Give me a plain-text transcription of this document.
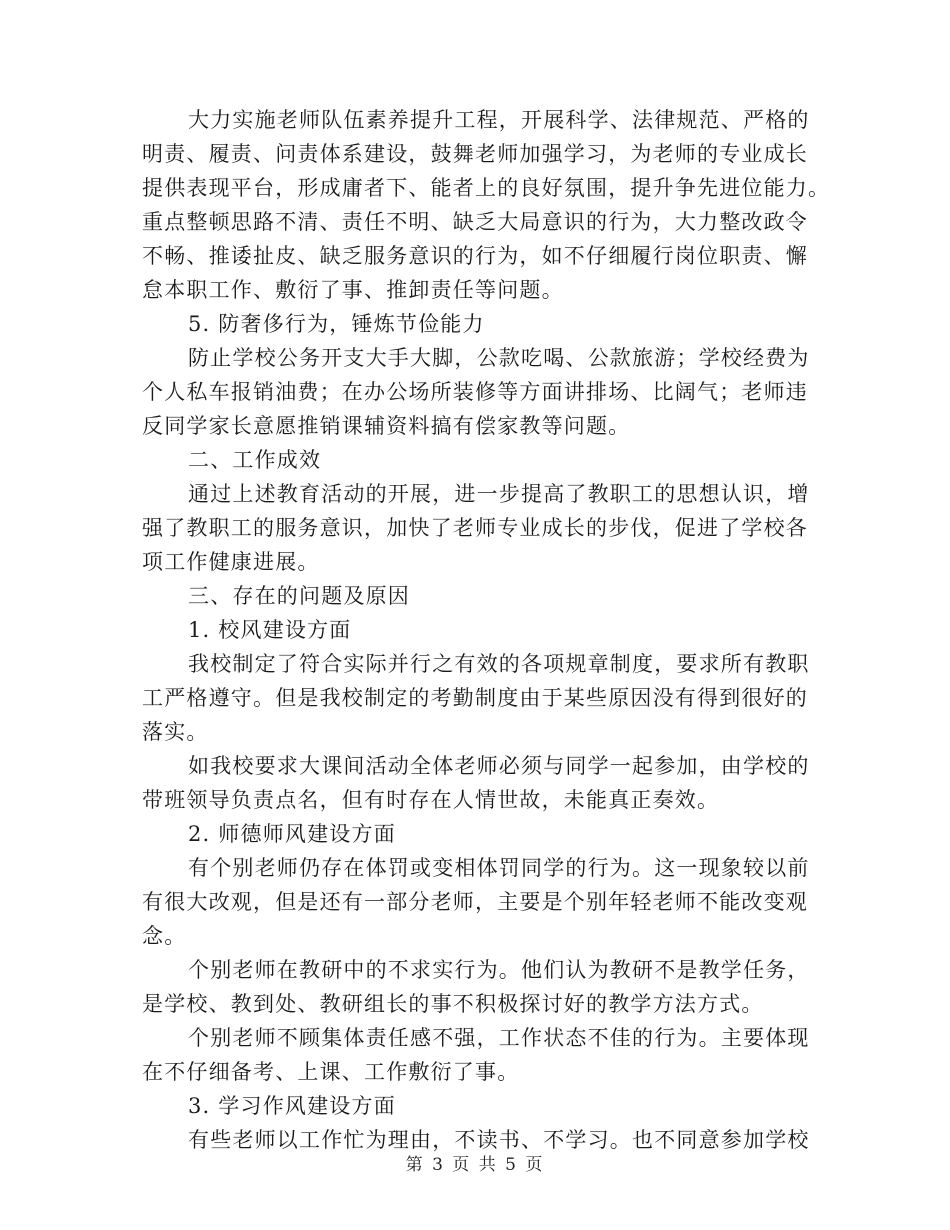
大力实施老师队伍素养提升工程，开展科学、法律规范、严格的
明责、履责、问责体系建设，鼓舞老师加强学习，为老师的专业成长
提供表现平台，形成庸者下、能者上的良好氛围，提升争先进位能力。
重点整顿思路不清、责任不明、缺乏大局意识的行为，大力整改政令
不畅、推诿扯皮、缺乏服务意识的行为，如不仔细履行岗位职责、懈
怠本职工作、敷衍了事、推卸责任等问题。
5. 防奢侈行为，锤炼节俭能力
防止学校公务开支大手大脚，公款吃喝、公款旅游；学校经费为
个人私车报销油费；在办公场所装修等方面讲排场、比阔气；老师违
反同学家长意愿推销课辅资料搞有偿家教等问题。
二、工作成效
通过上述教育活动的开展，进一步提高了教职工的思想认识，增
强了教职工的服务意识，加快了老师专业成长的步伐，促进了学校各
项工作健康进展。
三、存在的问题及原因
1. 校风建设方面
我校制定了符合实际并行之有效的各项规章制度，要求所有教职
工严格遵守。但是我校制定的考勤制度由于某些原因没有得到很好的
落实。
如我校要求大课间活动全体老师必须与同学一起参加，由学校的
带班领导负责点名，但有时存在人情世故，未能真正奏效。
2. 师德师风建设方面
有个别老师仍存在体罚或变相体罚同学的行为。这一现象较以前
有很大改观，但是还有一部分老师，主要是个别年轻老师不能改变观
念。
个别老师在教研中的不求实行为。他们认为教研不是教学任务，
是学校、教到处、教研组长的事不积极探讨好的教学方法方式。
个别老师不顾集体责任感不强，工作状态不佳的行为。主要体现
在不仔细备考、上课、工作敷衍了事。
3. 学习作风建设方面
有些老师以工作忙为理由，不读书、不学习。也不同意参加学校
第 3 页 共 5 页
